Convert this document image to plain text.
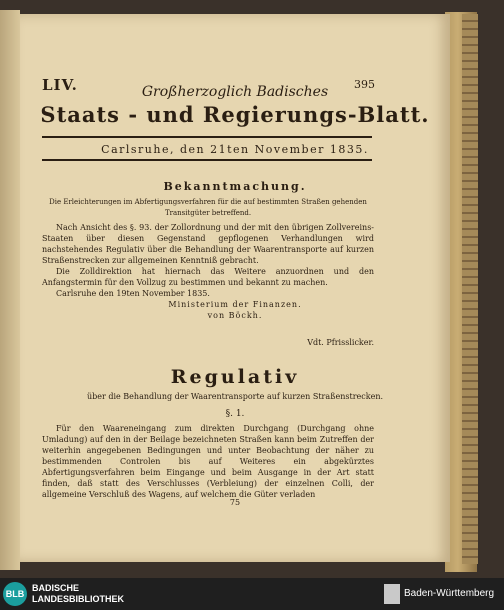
LIV.	395
Großherzoglich Badisches
Staats - und Regierungs-Blatt.
Carlsruhe, den 21ten November 1835.
Bekanntmachung.
Die Erleichterungen im Abfertigungsverfahren für die auf bestimmten Straßen gehenden Transitgüter betreffend.
Nach Ansicht des §. 93. der Zollordnung und der mit den übrigen Zollvereins-Staaten über diesen Gegenstand gepflogenen Verhandlungen wird nachstehendes Regulativ über die Behandlung der Waarentransporte auf kurzen Straßenstrecken zur allgemeinen Kenntniß gebracht.
Die Zolldirektion hat hiernach das Weitere anzuordnen und den Anfangstermin für den Vollzug zu bestimmen und bekannt zu machen.
Carlsruhe den 19ten November 1835.
Ministerium der Finanzen.
von Böckh.
Vdt. Pfrisslicker.
Regulativ
über die Behandlung der Waarentransporte auf kurzen Straßenstrecken.
§. 1.
Für den Waareneingang zum direkten Durchgang (Durchgang ohne Umladung) auf den in der Beilage bezeichneten Straßen kann beim Zutreffen der weiterhin angegebenen Bedingungen und unter Beobachtung der näher zu bestimmenden Controlen bis auf Weiteres ein abgekürztes Abfertigungsverfahren beim Eingange und beim Ausgange in der Art statt finden, daß statt des Verschlusses (Verbleiung) der einzelnen Colli, der allgemeine Verschluß des Wagens, auf welchem die Güter verladen
75
BLB
BADISCHE
LANDESBIBLIOTHEK	Baden-Württemberg
